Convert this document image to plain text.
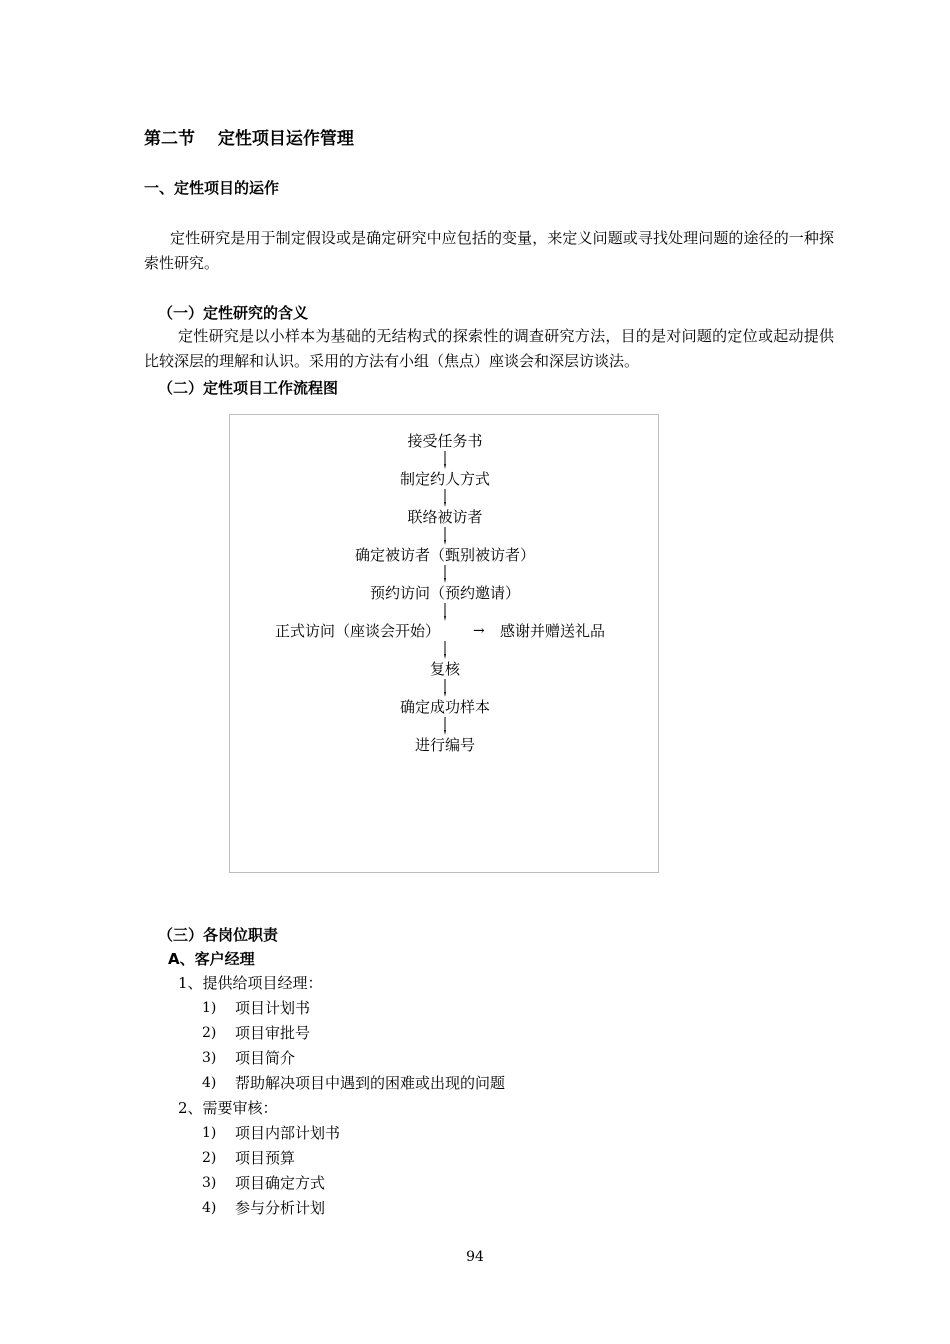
第二节　 定性项目运作管理
一、定性项目的运作
定性研究是用于制定假设或是确定研究中应包括的变量，来定义问题或寻找处理问题的途径的一种探索性研究。
（一）定性研究的含义
定性研究是以小样本为基础的无结构式的探索性的调查研究方法，目的是对问题的定位或起动提供比较深层的理解和认识。采用的方法有小组（焦点）座谈会和深层访谈法。
（二）定性项目工作流程图
接受任务书
制定约人方式
联络被访者
确定被访者（甄别被访者）
预约访问（预约邀请）
正式访问（座谈会开始） → 感谢并赠送礼品
复核
确定成功样本
进行编号
（三）各岗位职责
A、客户经理
1、提供给项目经理：
1) 项目计划书
2) 项目审批号
3) 项目简介
4) 帮助解决项目中遇到的困难或出现的问题
2、需要审核：
1) 项目内部计划书
2) 项目预算
3) 项目确定方式
4) 参与分析计划
94
